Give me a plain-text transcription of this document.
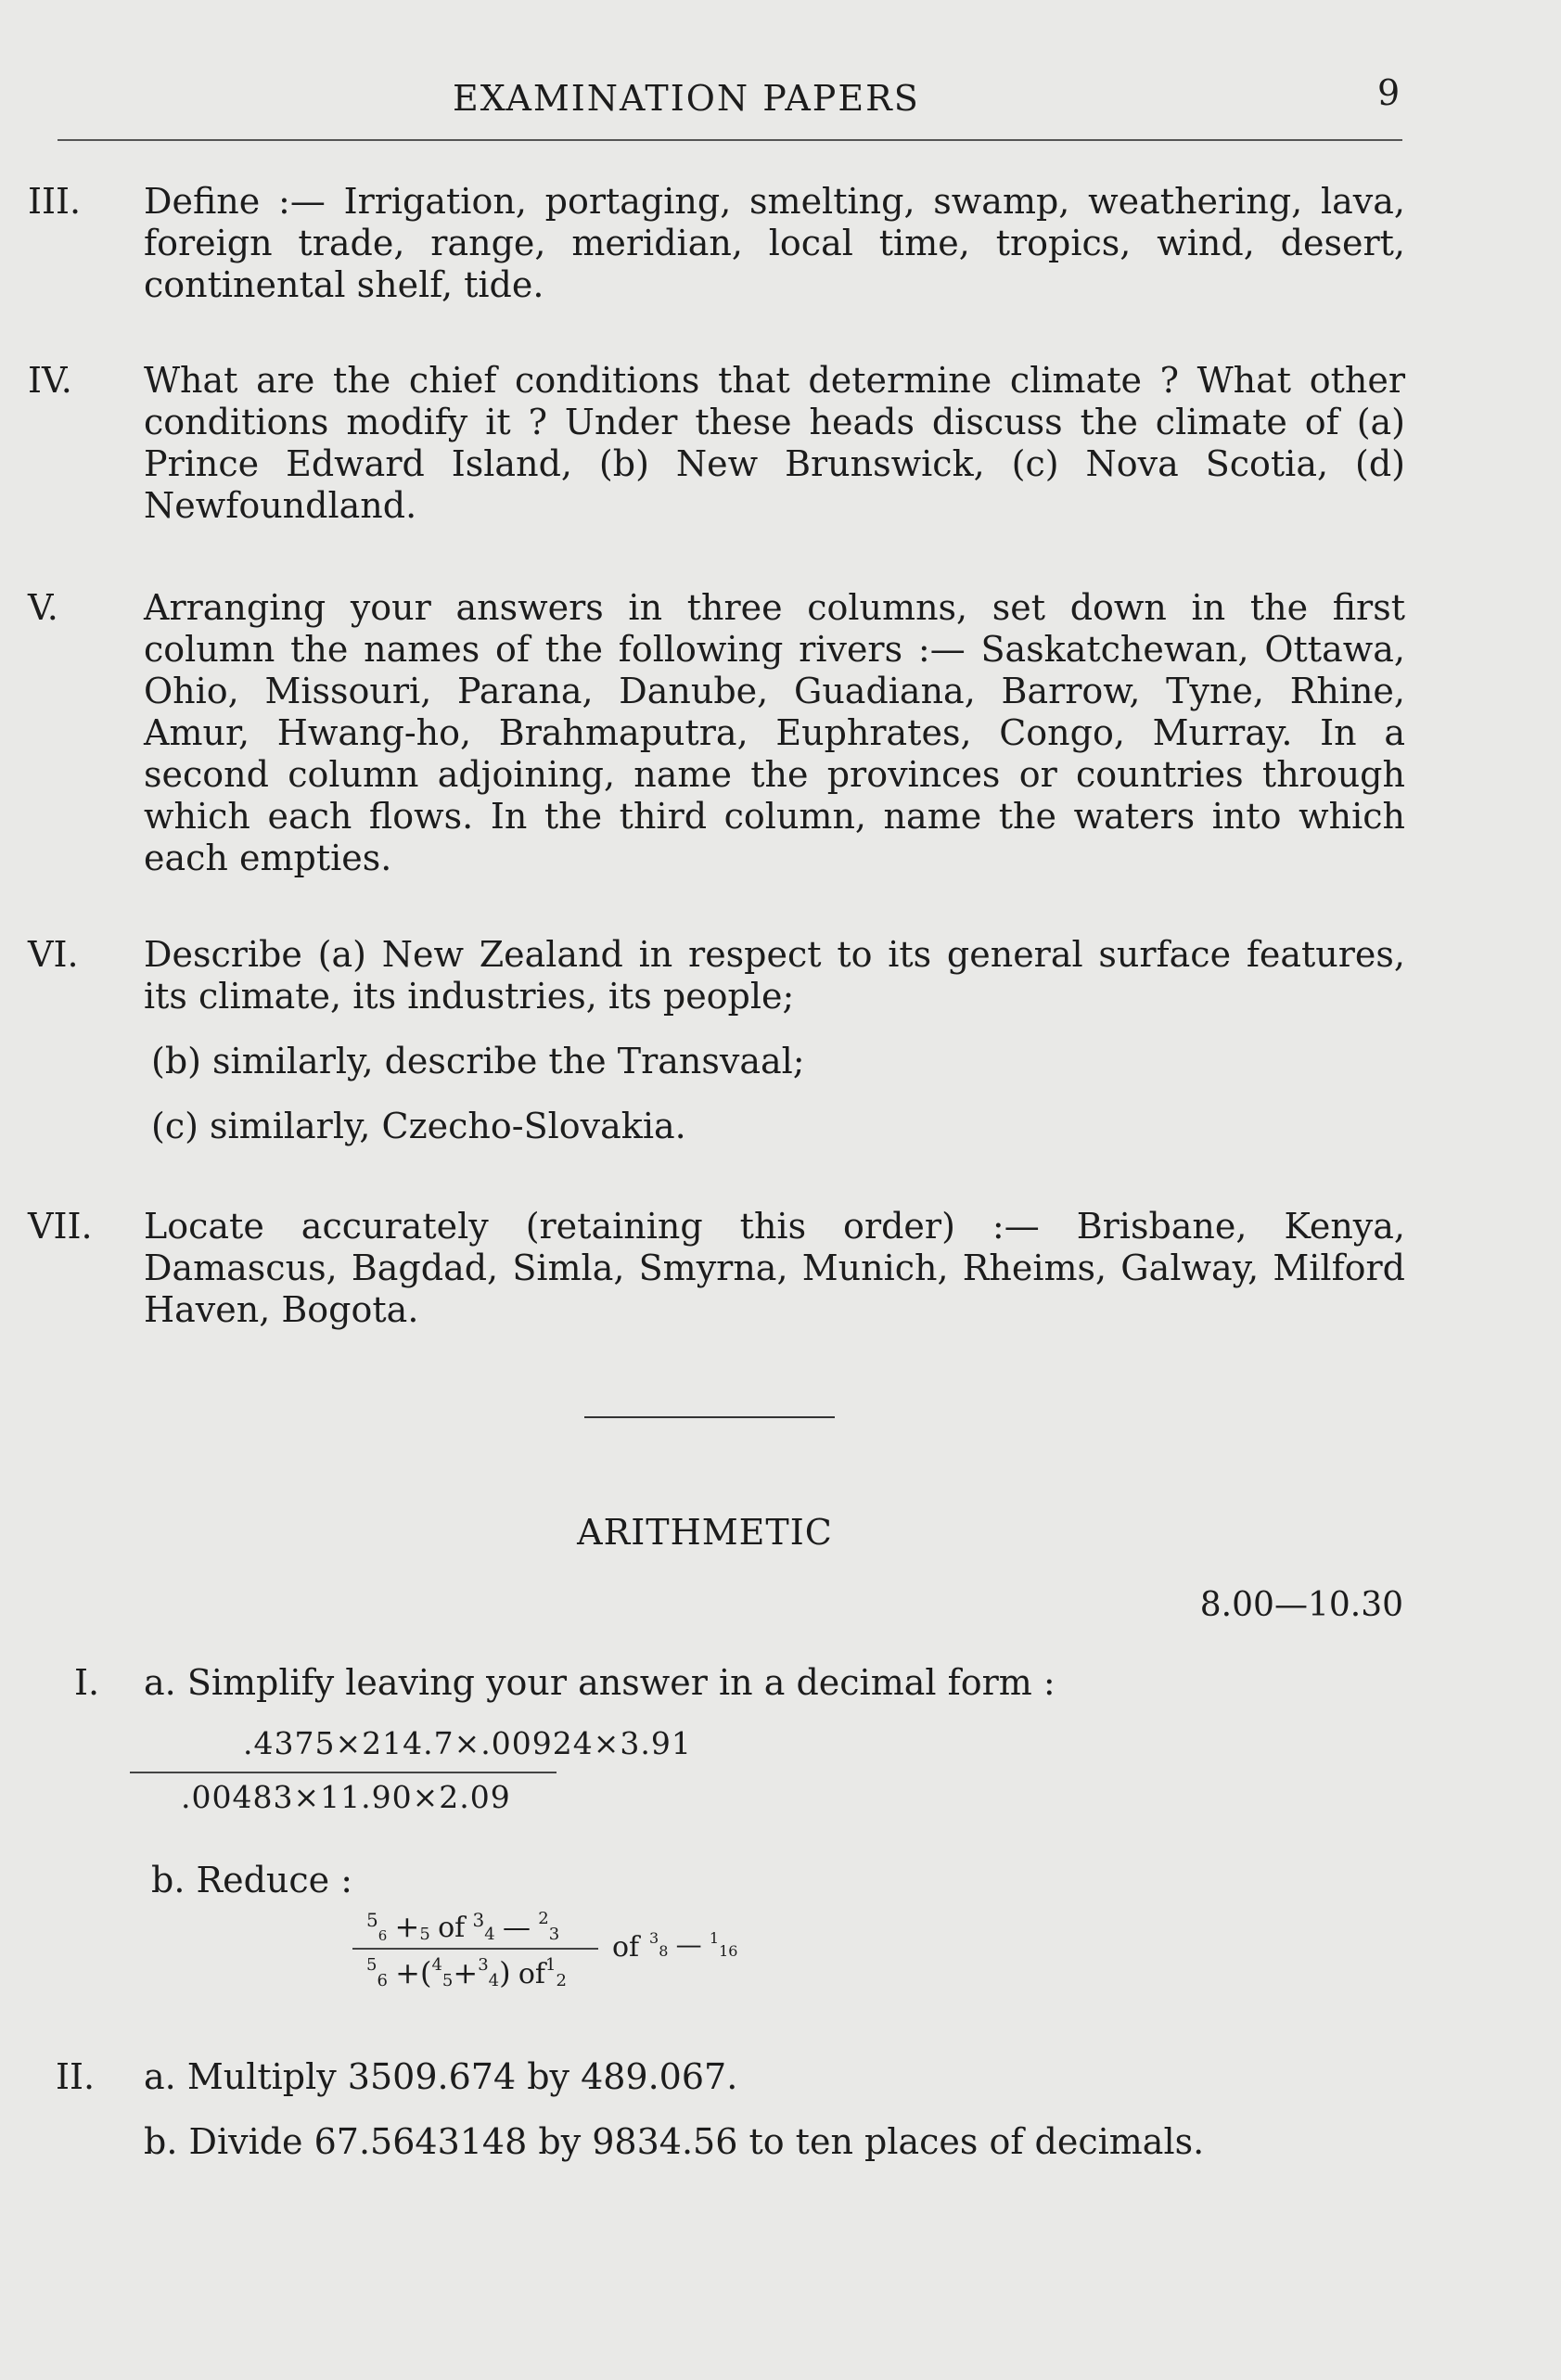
EXAMINATION PAPERS	9
III.	Define :— Irrigation, portaging, smelting, swamp, weathering, lava, foreign trade, range, meridian, local time, tropics, wind, desert, continental shelf, tide.

IV.	What are the chief conditions that determine climate ? What other conditions modify it ? Under these heads discuss the climate of (a) Prince Edward Island, (b) New Brunswick, (c) Nova Scotia, (d) Newfoundland.

V.	Arranging your answers in three columns, set down in the first column the names of the following rivers :— Saskatchewan, Ottawa, Ohio, Missouri, Parana, Danube, Guadiana, Barrow, Tyne, Rhine, Amur, Hwang-ho, Brahmaputra, Euphrates, Congo, Murray. In a second column adjoining, name the provinces or countries through which each flows. In the third column, name the waters into which each empties.

VI.	Describe (a) New Zealand in respect to its general surface features, its climate, its industries, its people;

(b) similarly, describe the Transvaal;

(c) similarly, Czecho-Slovakia.

VII.	Locate accurately (retaining this order) :— Brisbane, Kenya, Damascus, Bagdad, Simla, Smyrna, Munich, Rheims, Galway, Milford Haven, Bogota.

ARITHMETIC
8.00—10.30
I.	a. Simplify leaving your answer in a decimal form :

.4375×214.7×.00924×3.91
.00483×11.90×2.09

b. Reduce :

$^5$6 +5 of $^3$4 — $^2$3
$^5$6 +($^4$5+$^3$4) $of^12$
of $^3$8 — $^1$16
II.	a. Multiply 3509.674 by 489.067.

b. Divide 67.5643148 by 9834.56 to ten places of decimals.
